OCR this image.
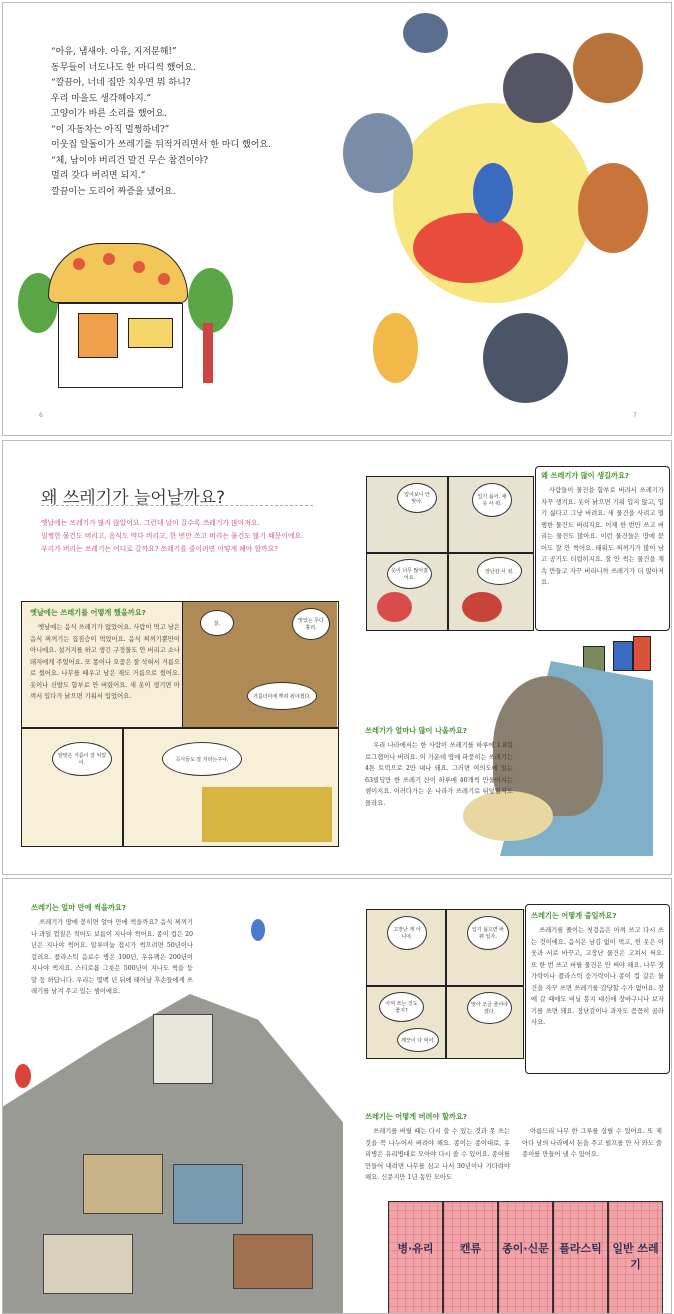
“아유, 냄새야. 아유, 지저분해!”
동무들이 너도나도 한 마디씩 했어요.
“깔끔아, 너네 집만 치우면 뭐 하니?
우리 마을도 생각해야지.”
고양이가 바른 소리를 했어요.
“이 자동차는 아직 멀쩡하네?”
이웃집 알돌이가 쓰레기를 뒤적거리면서 한 마디 했어요.
“체, 남이야 버리건 말건 무슨 참견이야?
멀리 갖다 버리면 되지.”
깔끔이는 도리어 짜증을 냈어요.
6	7
왜 쓰레기가 늘어날까요?
옛날에는 쓰레기가 많지 않았어요. 그런데 날이 갈수록 쓰레기가 많아져요.
멀쩡한 물건도 버리고, 음식도 먹다 버리고, 한 번만 쓰고 버리는 물건도 많기 때문이에요.
우리가 버리는 쓰레기는 어디로 갈까요? 쓰레기를 줄이려면 어떻게 해야 할까요?
꿀.	맛있는 무다 흘러.
거름더미에 뿌려 줘야겠다.
알맞은 거름이 잘 익었어.
곡식들도 잘 자라는구나.
옛날에는 쓰레기를 어떻게 했을까요?

옛날에는 음식 쓰레기가 없었어요. 사람이 먹고 남은 음식 찌꺼기는 집짐승이 먹었어요. 음식 찌꺼기뿐만이 아니에요. 설거지를 하고 생긴 구정물도 안 버리고 소나 돼지에게 주었어요. 또 똥이나 오줌은 잘 삭혀서 거름으로 썼어요. 나무를 때우고 남은 재도 거름으로 썼어요. 옷이나 신발도 함부로 안 버렸어요. 새 옷이 생기면 아껴서 입다가 낡으면 기워서 입었어요.

입어보니 안 맞아.
입기 싫어. 새 옷 사 줘.
옷이 너무 많아졌어요.
장난감 사 줘.
왜 쓰레기가 많이 생길까요?

사람들이 물건을 함부로 버려서 쓰레기가 자꾸 생겨요. 옷이 낡으면 기워 입지 않고, 입기 싫다고 그냥 버려요. 새 물건을 사려고 멀쩡한 물건도 버리지요. 이제 한 번만 쓰고 버리는 물건도 많아요. 이런 물건들은 땅에 묻어도 잘 안 썩어요. 태워도 찌꺼기가 많이 남고 공기도 더럽히지요. 잘 안 썩는 물건을 계속 만들고 자꾸 버리니까 쓰레기가 더 많아져요.

쓰레기가 얼마나 많이 나올까요?

우리 나라에서는 한 사람이 쓰레기를 하루에 1.8킬로그램이나 버려요. 이 가운데 땅에 파묻히는 쓰레기는 4톤 트럭으로 2만 대나 돼요. 그러면 여의도에 있는 63빌딩만 한 쓰레기 산이 하루에 40개씩 만들어지는 셈이지요. 이러다가는 온 나라가 쓰레기로 뒤덮일지도 몰라요.

쓰레기는 얼마 만에 썩을까요?

쓰레기가 땅에 묻히면 얼마 만에 썩을까요? 음식 찌꺼기나 과일 껍질은 적어도 보름이 지나야 썩어요. 종이 컵은 20년은 지나야 썩어요. 알루미늄 접시가 썩으려면 50년이나 걸려요. 플라스틱 음료수 병은 100년, 우유팩은 200년이 지나야 썩지요. 스티로폼 그릇은 500년이 지나도 썩을 둥 말 둥 하답니다. 우리는 몇백 년 뒤에 태어날 후손들에게 쓰레기를 남겨 주고 있는 셈이에요.

고장난 게 아니야.
입기 싫으면 바꿔 입자.
아껴 쓰는 것도 좋지?
맞아 조금 줄여야겠다.
깨끗이 다 먹어.
쓰레기는 어떻게 줄일까요?

쓰레기를 줄이는 첫걸음은 아껴 쓰고 다시 쓰는 것이에요. 음식은 남김 없이 먹고, 헌 옷은 이웃과 서로 바꾸고, 고장난 물건은 고쳐서 써요. 또 한 번 쓰고 버릴 물건은 안 써야 해요. 나무 젓가락이나 플라스틱 숟가락이나 종이 컵 같은 물건을 자꾸 쓰면 쓰레기를 감당할 수가 없어요. 장에 갈 때에도 비닐 봉지 대신에 장바구니나 보자기를 쓰면 돼요. 장난감이나 과자도 꼼꼼히 골라 사요.

쓰레기는 어떻게 버려야 할까요?

쓰레기를 버릴 때는 다시 쓸 수 있는 것과 못 쓰는 것을 꼭 나누어서 버려야 해요. 종이는 종이대로, 유리병은 유리병대로 모아야 다시 쓸 수 있어요. 종이를 만들어 내려면 나무를 심고 나서 30년이나 기다려야 해요. 신문지만 1년 동안 모아도

아름드리 나무 한 그루를 살릴 수 있어요. 또 제아다 남의 나라에서 돈을 주고 펄프를 안 사 와도 쓸 종이를 만들어 낼 수 있어요.

병·유리	캔류	종이·신문 플라스틱 일반 쓰레기
